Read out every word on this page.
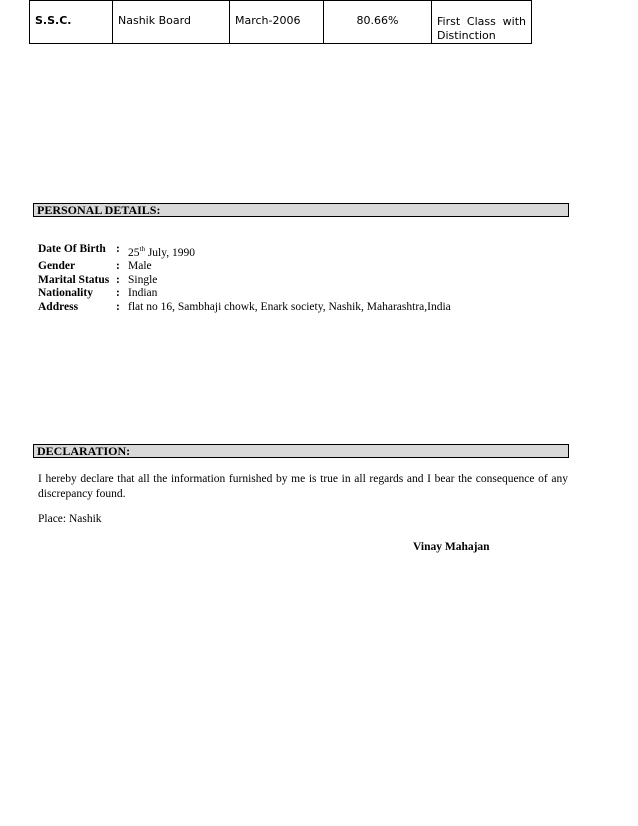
S.S.C.	Nashik Board	March-2006	80.66%	First Class with Distinction
PERSONAL DETAILS:
Date Of Birth : 25th July, 1990
Gender	: Male
Marital Status : Single
Nationality	: Indian
Address	: flat no 16, Sambhaji chowk, Enark society, Nashik, Maharashtra,India
DECLARATION:
I hereby declare that all the information furnished by me is true in all regards and I bear the consequence of any discrepancy found.
Place: Nashik
Vinay Mahajan
